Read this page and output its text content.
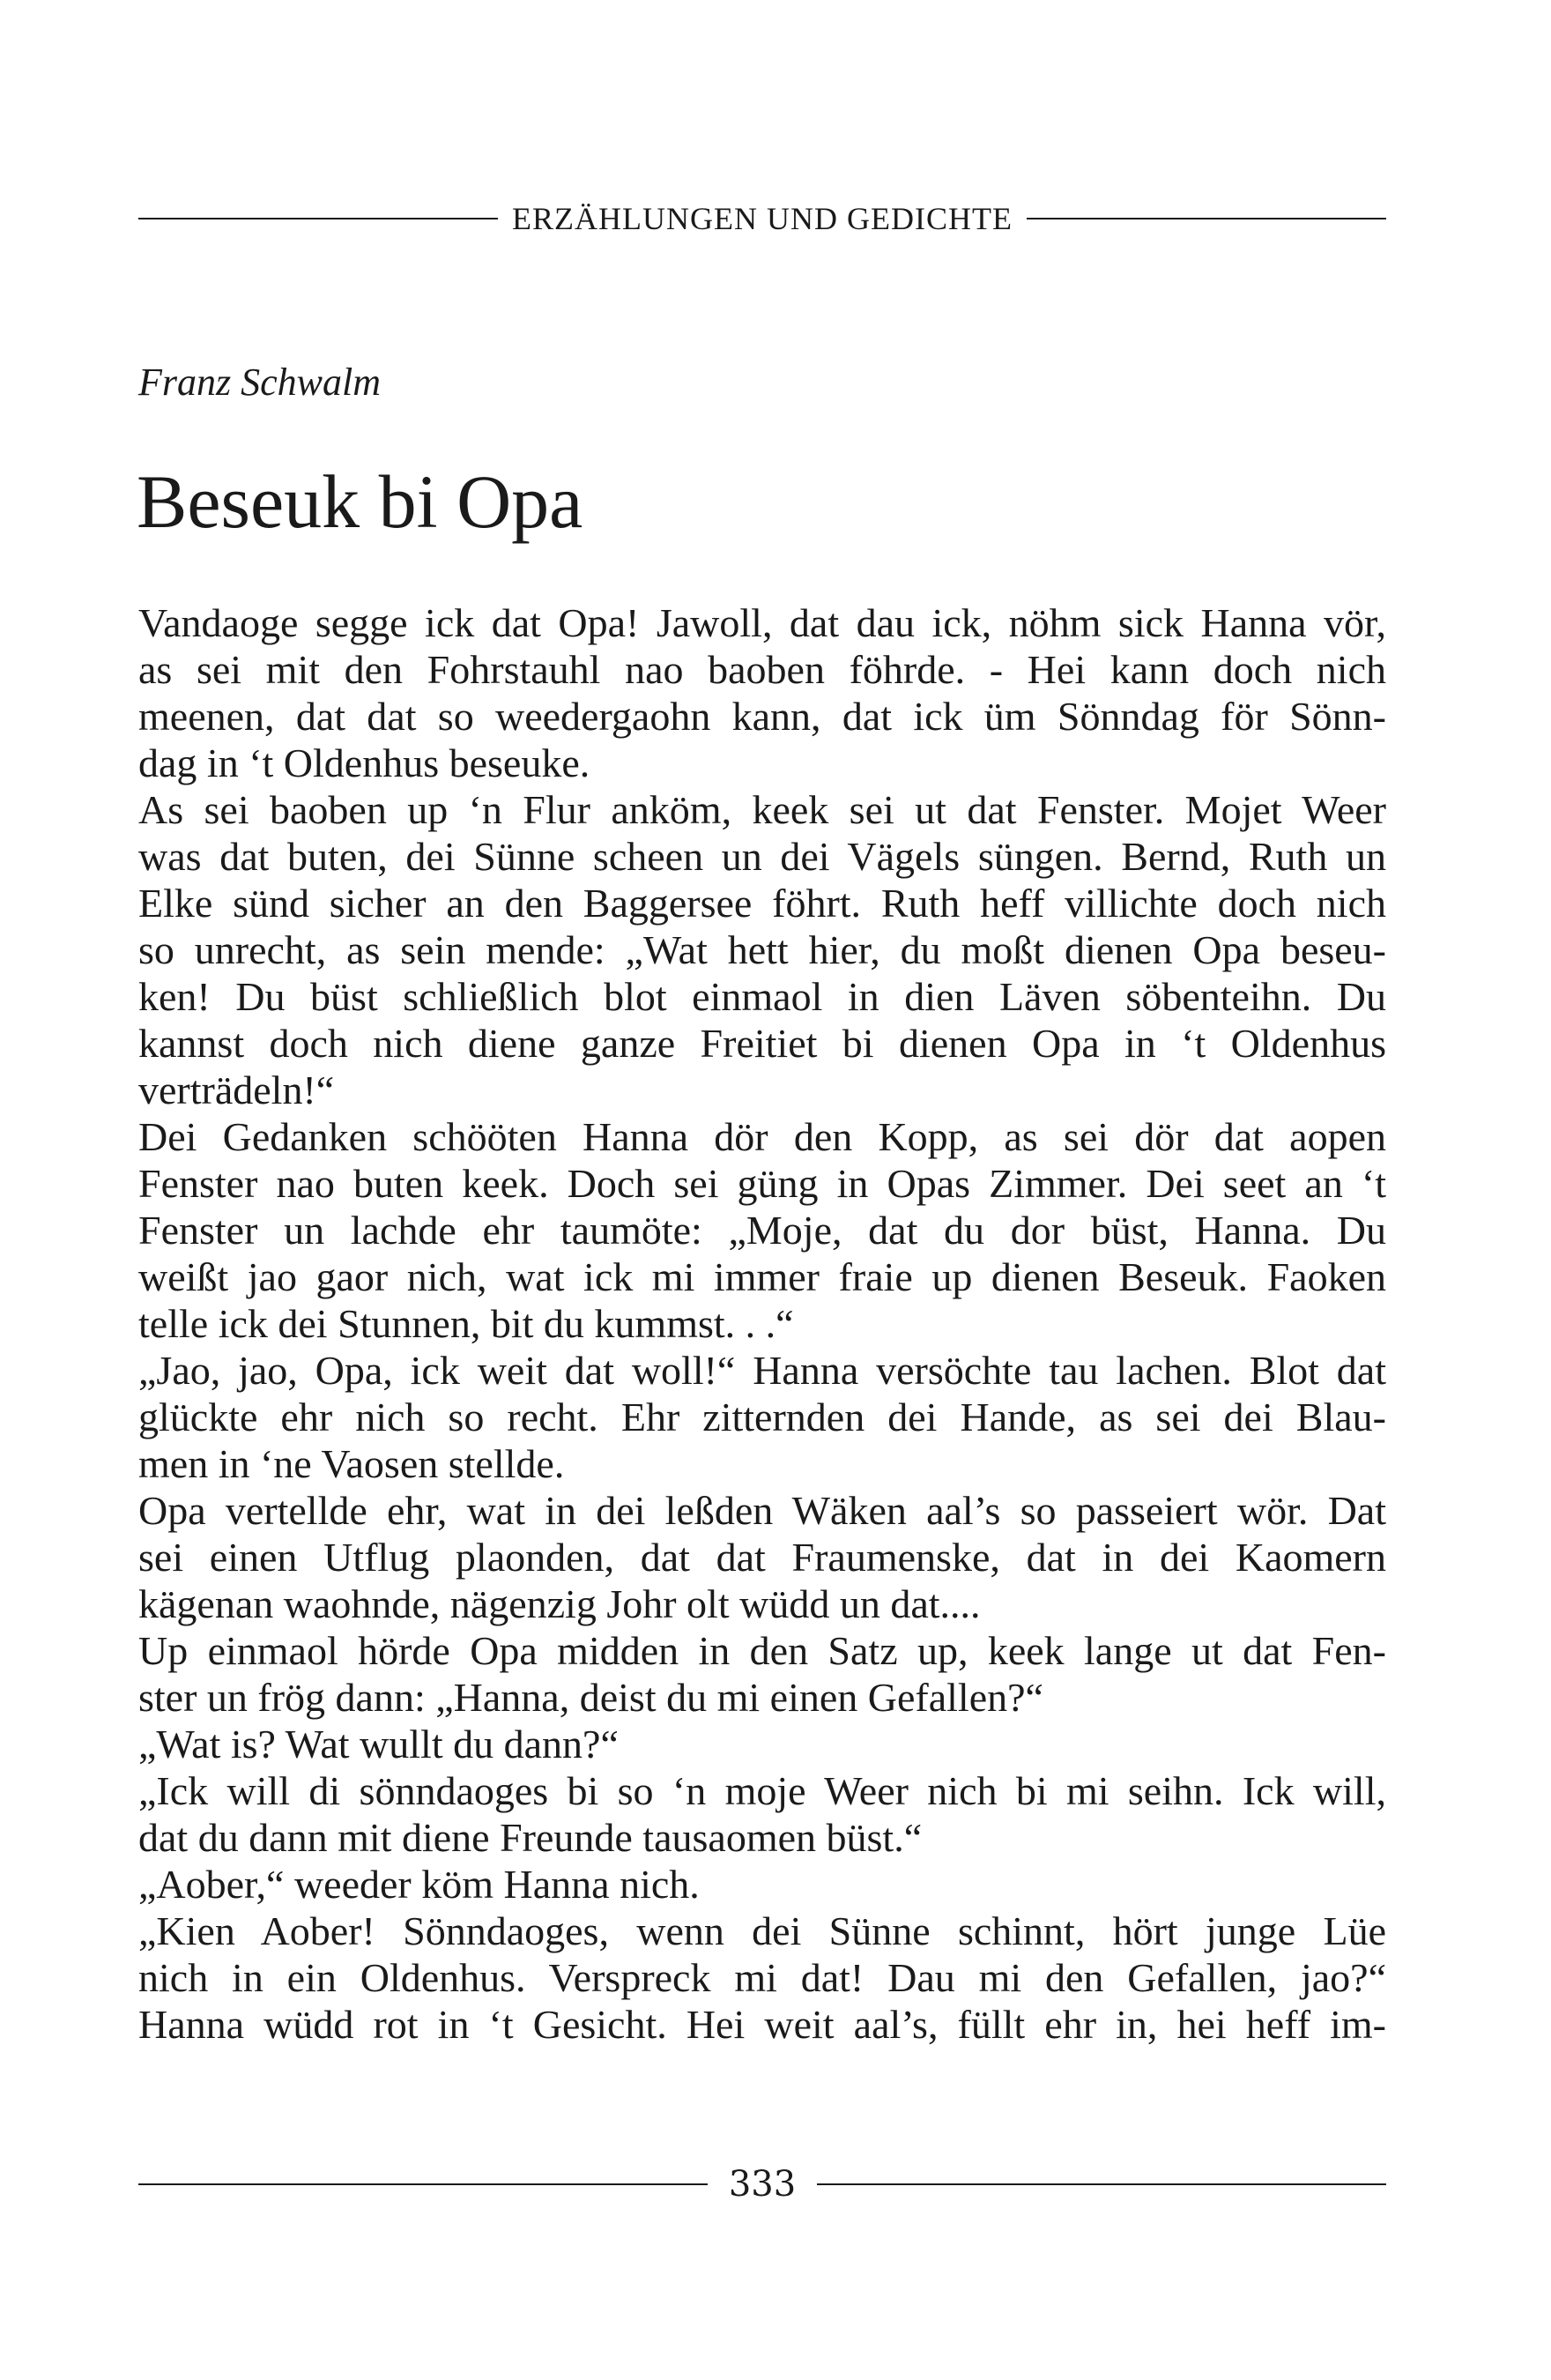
ERZÄHLUNGEN UND GEDICHTE

Franz Schwalm

Beseuk bi Opa
Vandaoge segge ick dat Opa! Jawoll, dat dau ick, nöhm sick Hanna vör,
as sei mit den Fohrstauhl nao baoben föhrde. - Hei kann doch nich
meenen, dat dat so weedergaohn kann, dat ick üm Sönndag för Sönn-
dag in ‘t Oldenhus beseuke.
As sei baoben up ‘n Flur anköm, keek sei ut dat Fenster. Mojet Weer
was dat buten, dei Sünne scheen un dei Vägels süngen. Bernd, Ruth un
Elke sünd sicher an den Baggersee föhrt. Ruth heff villichte doch nich
so unrecht, as sein mende: „Wat hett hier, du moßt dienen Opa beseu-
ken! Du büst schließlich blot einmaol in dien Läven söbenteihn. Du
kannst doch nich diene ganze Freitiet bi dienen Opa in ‘t Oldenhus
verträdeln!“
Dei Gedanken schööten Hanna dör den Kopp, as sei dör dat aopen
Fenster nao buten keek. Doch sei güng in Opas Zimmer. Dei seet an ‘t
Fenster un lachde ehr taumöte: „Moje, dat du dor büst, Hanna. Du
weißt jao gaor nich, wat ick mi immer fraie up dienen Beseuk. Faoken
telle ick dei Stunnen, bit du kummst. . .“
„Jao, jao, Opa, ick weit dat woll!“ Hanna versöchte tau lachen. Blot dat
glückte ehr nich so recht. Ehr zitternden dei Hande, as sei dei Blau-
men in ‘ne Vaosen stellde.
Opa vertellde ehr, wat in dei leßden Wäken aal’s so passeiert wör. Dat
sei einen Utflug plaonden, dat dat Fraumenske, dat in dei Kaomern
kägenan waohnde, nägenzig Johr olt wüdd un dat....
Up einmaol hörde Opa midden in den Satz up, keek lange ut dat Fen-
ster un frög dann: „Hanna, deist du mi einen Gefallen?“
„Wat is? Wat wullt du dann?“
„Ick will di sönndaoges bi so ‘n moje Weer nich bi mi seihn. Ick will,
dat du dann mit diene Freunde tausaomen büst.“
„Aober,“ weeder köm Hanna nich.
„Kien Aober! Sönndaoges, wenn dei Sünne schinnt, hört junge Lüe
nich in ein Oldenhus. Verspreck mi dat! Dau mi den Gefallen, jao?“
Hanna wüdd rot in ‘t Gesicht. Hei weit aal’s, füllt ehr in, hei heff im-
333
